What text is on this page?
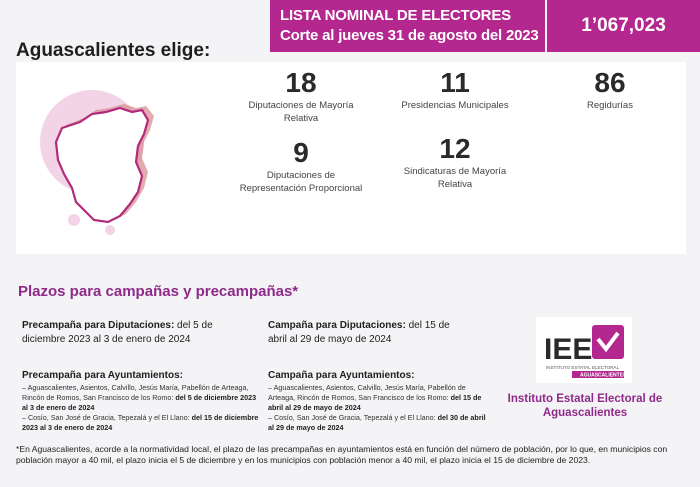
LISTA NOMINAL DE ELECTORES
Corte al jueves 31 de agosto del 2023	1’067,023
Aguascalientes elige:
18
Diputaciones de Mayoría
Relativa
11
Presidencias Municipales
86
Regidurías
9
Diputaciones de
Representación Proporcional
12
Sindicaturas de Mayoría
Relativa
Plazos para campañas y precampañas*
Precampaña para Diputaciones: del 5 de diciembre 2023 al 3 de enero de 2024
Campaña para Diputaciones: del 15 de abril al 29 de mayo de 2024
Precampaña para Ayuntamientos:
– Aguascalientes, Asientos, Calvillo, Jesús María, Pabellón de Arteaga, Rincón de Romos, San Francisco de los Romo: del 5 de diciembre 2023 al 3 de enero de 2024
– Cosío, San José de Gracia, Tepezalá y el El Llano: del 15 de diciembre 2023 al 3 de enero de 2024
Campaña para Ayuntamientos:
– Aguascalientes, Asientos, Calvillo, Jesús María, Pabellón de Arteaga, Rincón de Romos, San Francisco de los Romo: del 15 de abril al 29 de mayo de 2024
– Cosío, San José de Gracia, Tepezalá y el El Llano: del 30 de abril al 29 de mayo de 2024
IEE
INSTITUTO ESTATAL ELECTORAL
AGUASCALIENTES
Instituto Estatal Electoral de
Aguascalientes
*En Aguascalientes, acorde a la normatividad local, el plazo de las precampañas en ayuntamientos está en función del número de población, por lo que, en municipios con población mayor a 40 mil, el plazo inicia el 5 de diciembre y en los municipios con población menor a 40 mil, el plazo inicia el 15 de diciembre de 2023.
